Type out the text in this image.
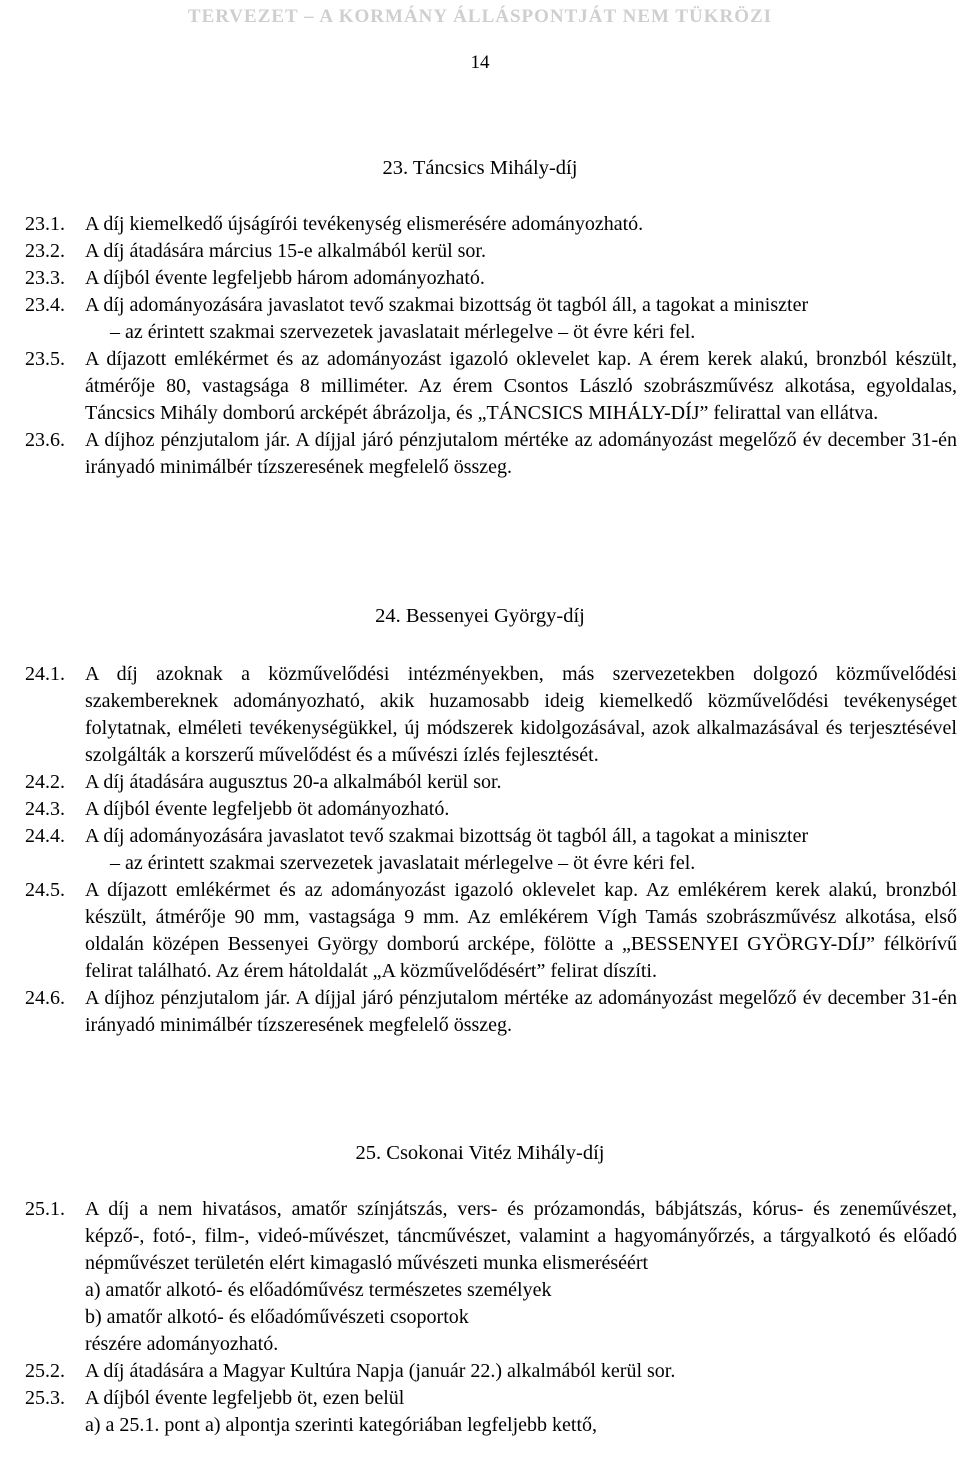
TERVEZET – A KORMÁNY ÁLLÁSPONTJÁT NEM TÜKRÖZI
14
23. Táncsics Mihály-díj
23.1. A díj kiemelkedő újságírói tevékenység elismerésére adományozható.
23.2. A díj átadására március 15-e alkalmából kerül sor.
23.3. A díjból évente legfeljebb három adományozható.
23.4. A díj adományozására javaslatot tevő szakmai bizottság öt tagból áll, a tagokat a miniszter
– az érintett szakmai szervezetek javaslatait mérlegelve – öt évre kéri fel.
23.5. A díjazott emlékérmet és az adományozást igazoló oklevelet kap. A érem kerek alakú, bronzból készült, átmérője 80, vastagsága 8 milliméter. Az érem Csontos László szobrászművész alkotása, egyoldalas, Táncsics Mihály domború arcképét ábrázolja, és „TÁNCSICS MIHÁLY-DÍJ” felirattal van ellátva.
23.6. A díjhoz pénzjutalom jár. A díjjal járó pénzjutalom mértéke az adományozást megelőző év december 31-én irányadó minimálbér tízszeresének megfelelő összeg.
24. Bessenyei György-díj
24.1. A díj azoknak a közművelődési intézményekben, más szervezetekben dolgozó közművelődési szakembereknek adományozható, akik huzamosabb ideig kiemelkedő közművelődési tevékenységet folytatnak, elméleti tevékenységükkel, új módszerek kidolgozásával, azok alkalmazásával és terjesztésével szolgálták a korszerű művelődést és a művészi ízlés fejlesztését.
24.2. A díj átadására augusztus 20-a alkalmából kerül sor.
24.3. A díjból évente legfeljebb öt adományozható.
24.4. A díj adományozására javaslatot tevő szakmai bizottság öt tagból áll, a tagokat a miniszter
– az érintett szakmai szervezetek javaslatait mérlegelve – öt évre kéri fel.
24.5. A díjazott emlékérmet és az adományozást igazoló oklevelet kap. Az emlékérem kerek alakú, bronzból készült, átmérője 90 mm, vastagsága 9 mm. Az emlékérem Vígh Tamás szobrászművész alkotása, első oldalán középen Bessenyei György domború arcképe, fölötte a „BESSENYEI GYÖRGY-DÍJ” félkörívű felirat található. Az érem hátoldalát „A közművelődésért” felirat díszíti.
24.6. A díjhoz pénzjutalom jár. A díjjal járó pénzjutalom mértéke az adományozást megelőző év december 31-én irányadó minimálbér tízszeresének megfelelő összeg.
25. Csokonai Vitéz Mihály-díj
25.1. A díj a nem hivatásos, amatőr színjátszás, vers- és prózamondás, bábjátszás, kórus- és zeneművészet, képző-, fotó-, film-, videó-művészet, táncművészet, valamint a hagyományőrzés, a tárgyalkotó és előadó népművészet területén elért kimagasló művészeti munka elismeréséért
a) amatőr alkotó- és előadóművész természetes személyek
b) amatőr alkotó- és előadóművészeti csoportok
részére adományozható.
25.2. A díj átadására a Magyar Kultúra Napja (január 22.) alkalmából kerül sor.
25.3. A díjból évente legfeljebb öt, ezen belül
a) a 25.1. pont a) alpontja szerinti kategóriában legfeljebb kettő,
